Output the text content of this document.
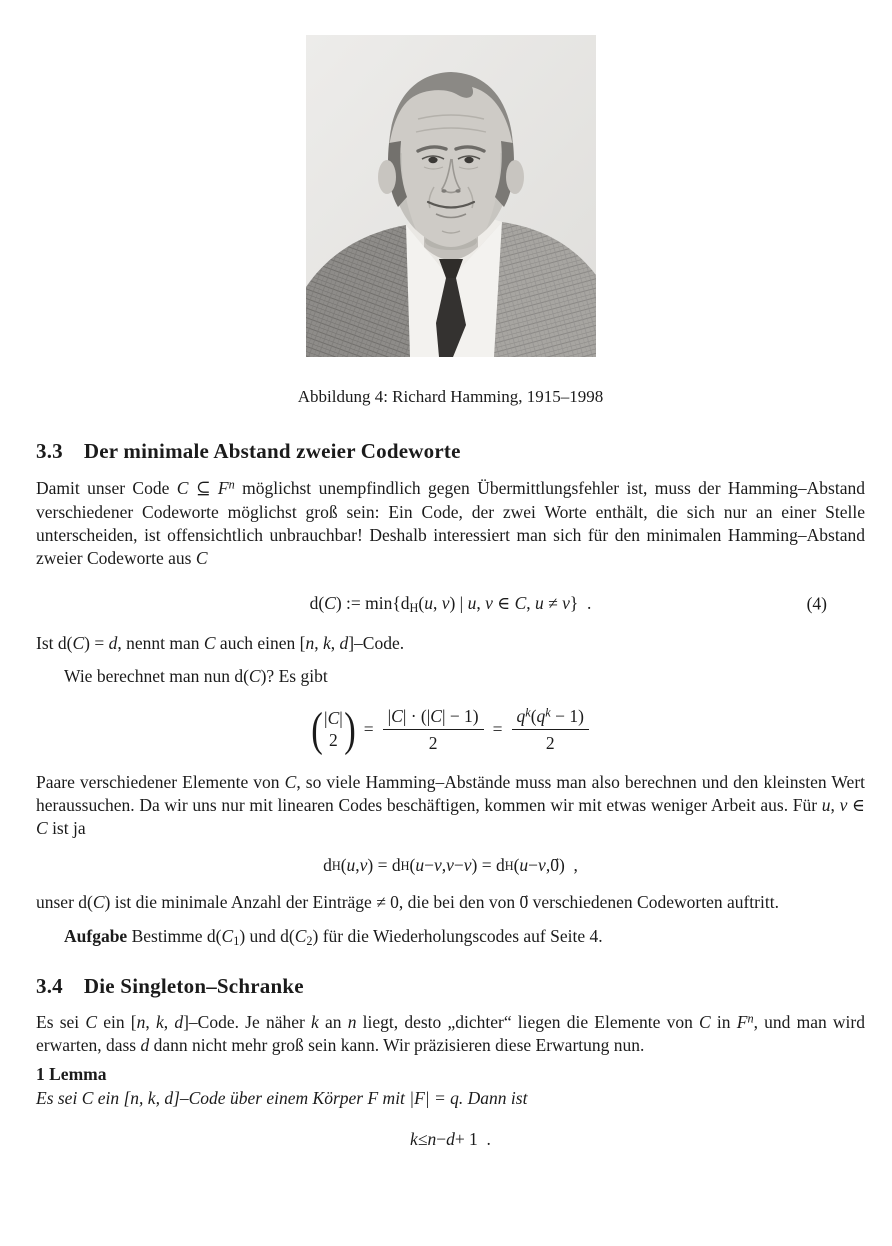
Abbildung 4: Richard Hamming, 1915–1998
3.3 Der minimale Abstand zweier Codeworte

Damit unser Code C ⊆ $F^n$ möglichst unempfindlich gegen Übermittlungsfehler ist, muss der Hamming–Abstand verschiedener Codeworte möglichst groß sein: Ein Code, der zwei Worte enthält, die sich nur an einer Stelle unterscheiden, ist offensichtlich unbrauchbar! Deshalb interessiert man sich für den minimalen Hamming–Abstand zweier Codeworte aus C

d(C) := $\min\{d_H(u$, v) | u, v ∈ C, u ≠ v}  .	(4)

Ist d(C) = d, nennt man C auch einen [n, k, d]–Code.

Wie berechnet man nun d(C)? Es gibt

( |C|
2 ) = $\frac{|C| \cdot (|C| - 1)}{2} = \frac{q^k(q^k - 1)}{2}$

Paare verschiedener Elemente von C, so viele Hamming–Abstände muss man also berechnen und den kleinsten Wert heraussuchen. Da wir uns nur mit linearen Codes beschäftigen, kommen wir mit etwas weniger Arbeit aus. Für u, v ∈ C ist ja

d H ( u , v ) = d H ( u − v , v − v ) = d H ( u − v , 0 → )  ,

unser d(C) ist die minimale Anzahl der Einträge ≠ 0, die bei den von 0 → verschiedenen Codeworten auftritt.

Aufgabe Bestimme $d(C_1)$ und $d(C_2)$ für die Wiederholungscodes auf Seite 4.

3.4 Die Singleton–Schranke

Es sei C ein [n, k, d]–Code. Je näher k an n liegt, desto „dichter“ liegen die Elemente von C in $F^n$, und man wird erwarten, dass d dann nicht mehr groß sein kann. Wir präzisieren diese Erwartung nun.

1 Lemma

Es sei C ein [n, k, d]–Code über einem Körper F mit |F| = q. Dann ist

k ≤ n − d + 1  .
